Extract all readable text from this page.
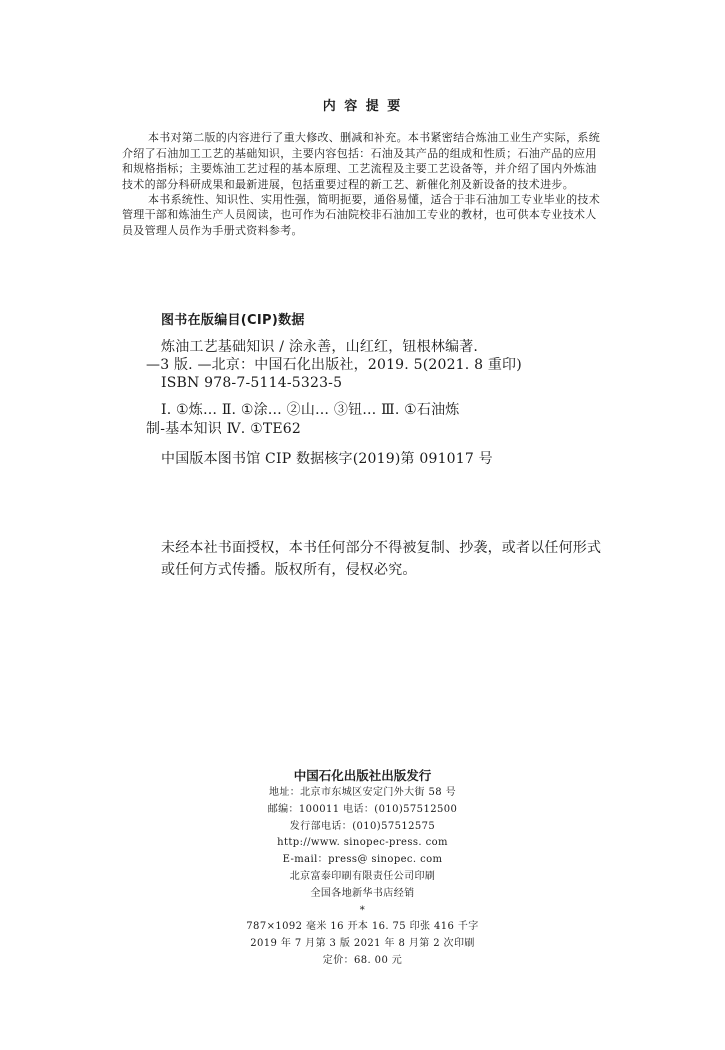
内 容 提 要

本书对第二版的内容进行了重大修改、删减和补充。本书紧密结合炼油工业生产实际，系统

介绍了石油加工工艺的基础知识，主要内容包括：石油及其产品的组成和性质；石油产品的应用

和规格指标；主要炼油工艺过程的基本原理、工艺流程及主要工艺设备等，并介绍了国内外炼油

技术的部分科研成果和最新进展，包括重要过程的新工艺、新催化剂及新设备的技术进步。

本书系统性、知识性、实用性强，简明扼要，通俗易懂，适合于非石油加工专业毕业的技术

管理干部和炼油生产人员阅读，也可作为石油院校非石油加工专业的教材，也可供本专业技术人

员及管理人员作为手册式资料参考。

图书在版编目(CIP)数据

炼油工艺基础知识 / 涂永善，山红红，钮根林编著.

—3 版. —北京：中国石化出版社，2019. 5(2021. 8 重印)

ISBN 978-7-5114-5323-5

Ⅰ. ①炼… Ⅱ. ①涂… ②山… ③钮… Ⅲ. ①石油炼

制-基本知识 Ⅳ. ①TE62

中国版本图书馆 CIP 数据核字(2019)第 091017 号

未经本社书面授权，本书任何部分不得被复制、抄袭，或者以任何形式

或任何方式传播。版权所有，侵权必究。

中国石化出版社出版发行

地址：北京市东城区安定门外大街 58 号

邮编：100011 电话：(010)57512500

发行部电话：(010)57512575

http://www. sinopec-press. com

E-mail：press@ sinopec. com

北京富泰印刷有限责任公司印刷

全国各地新华书店经销

*

787×1092 毫米 16 开本 16. 75 印张 416 千字

2019 年 7 月第 3 版 2021 年 8 月第 2 次印刷

定价：68. 00 元
